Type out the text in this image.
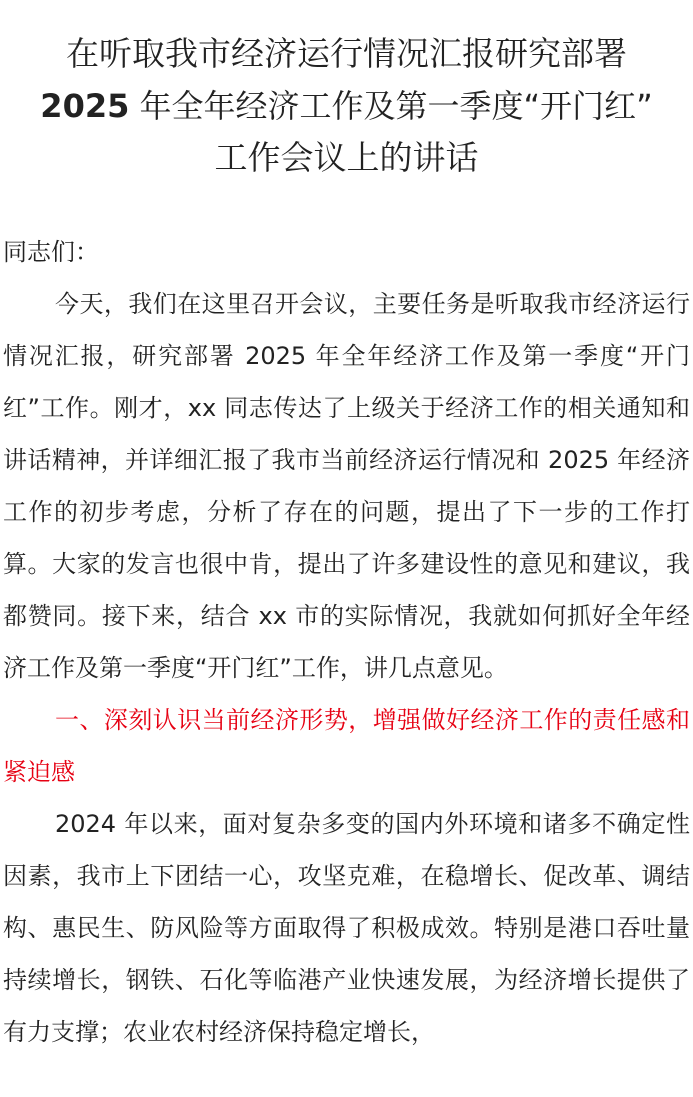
在听取我市经济运行情况汇报研究部署
2025 年全年经济工作及第一季度“开门红”
工作会议上的讲话

同志们：

今天，我们在这里召开会议，主要任务是听取我市经济运行情况汇报，研究部署 2025 年全年经济工作及第一季度“开门红”工作。刚才，xx 同志传达了上级关于经济工作的相关通知和讲话精神，并详细汇报了我市当前经济运行情况和 2025 年经济工作的初步考虑，分析了存在的问题，提出了下一步的工作打算。大家的发言也很中肯，提出了许多建设性的意见和建议，我都赞同。接下来，结合 xx 市的实际情况，我就如何抓好全年经济工作及第一季度“开门红”工作，讲几点意见。

一、深刻认识当前经济形势，增强做好经济工作的责任感和紧迫感

2024 年以来，面对复杂多变的国内外环境和诸多不确定性因素，我市上下团结一心，攻坚克难，在稳增长、促改革、调结构、惠民生、防风险等方面取得了积极成效。特别是港口吞吐量持续增长，钢铁、石化等临港产业快速发展，为经济增长提供了有力支撑；农业农村经济保持稳定增长，
